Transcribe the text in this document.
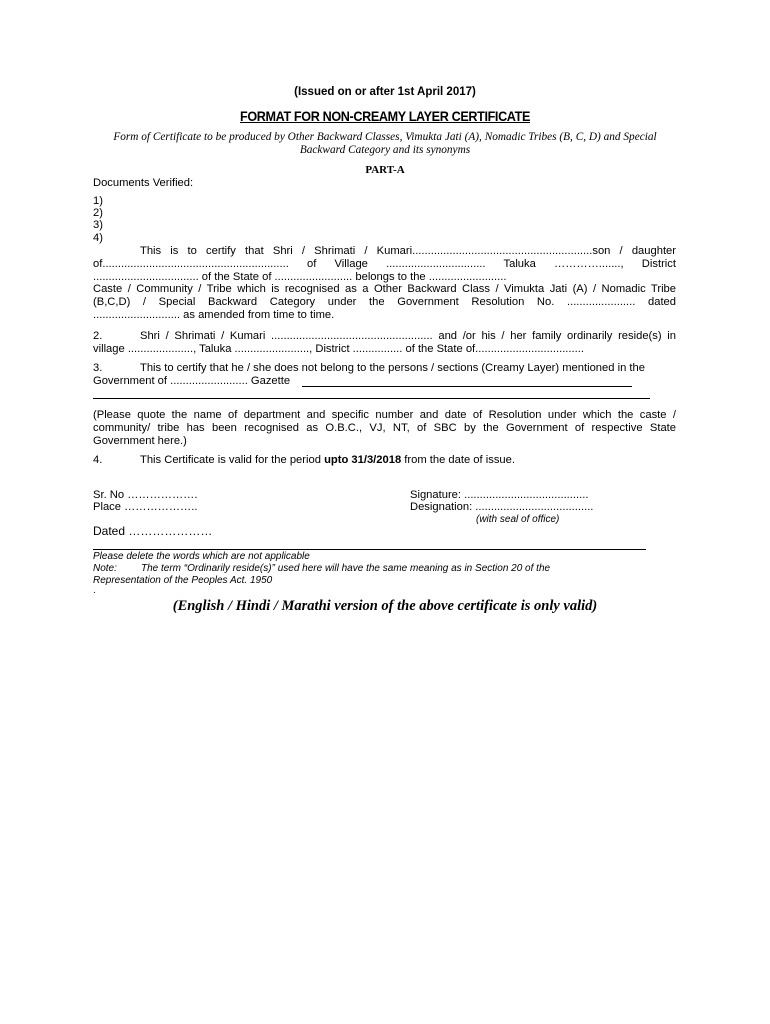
(Issued on or after 1st April 2017)
FORMAT FOR NON-CREAMY LAYER CERTIFICATE
Form of Certificate to be produced by Other Backward Classes, Vimukta Jati (A), Nomadic Tribes (B, C, D) and Special
Backward Category and its synonyms
PART-A
Documents Verified:
1)
2)
3)
4)
This is to certify that Shri / Shrimati / Kumari..........................................................son / daughter
of............................................................ of Village ................................ Taluka …………......., District
.................................. of the State of ......................... belongs to the .........................
Caste / Community / Tribe which is recognised as a Other Backward Class / Vimukta Jati (A) / Nomadic Tribe
(B,C,D) / Special Backward Category under the Government Resolution No. ...................... dated
............................ as amended from time to time.
2.	Shri / Shrimati / Kumari .................................................... and /or his / her family ordinarily reside(s) in
village ....................., Taluka ........................, District ................ of the State of...................................
3.	This to certify that he / she does not belong to the persons / sections (Creamy Layer) mentioned in the
Government of ......................... Gazette
(Please quote the name of department and specific number and date of Resolution under which the caste /
community/ tribe has been recognised as O.B.C., VJ, NT, of SBC by the Government of respective State
Government here.)
4.	This Certificate is valid for the period upto 31/3/2018 from the date of issue.
Sr. No ……………….
Place ………………..
Dated …………………
Signature: ........................................
Designation: ......................................
(with seal of office)
Please delete the words which are not applicable
Note: The term “Ordinarily reside(s)” used here will have the same meaning as in Section 20 of the
Representation of the Peoples Act. 1950
.
(English / Hindi / Marathi version of the above certificate is only valid)
